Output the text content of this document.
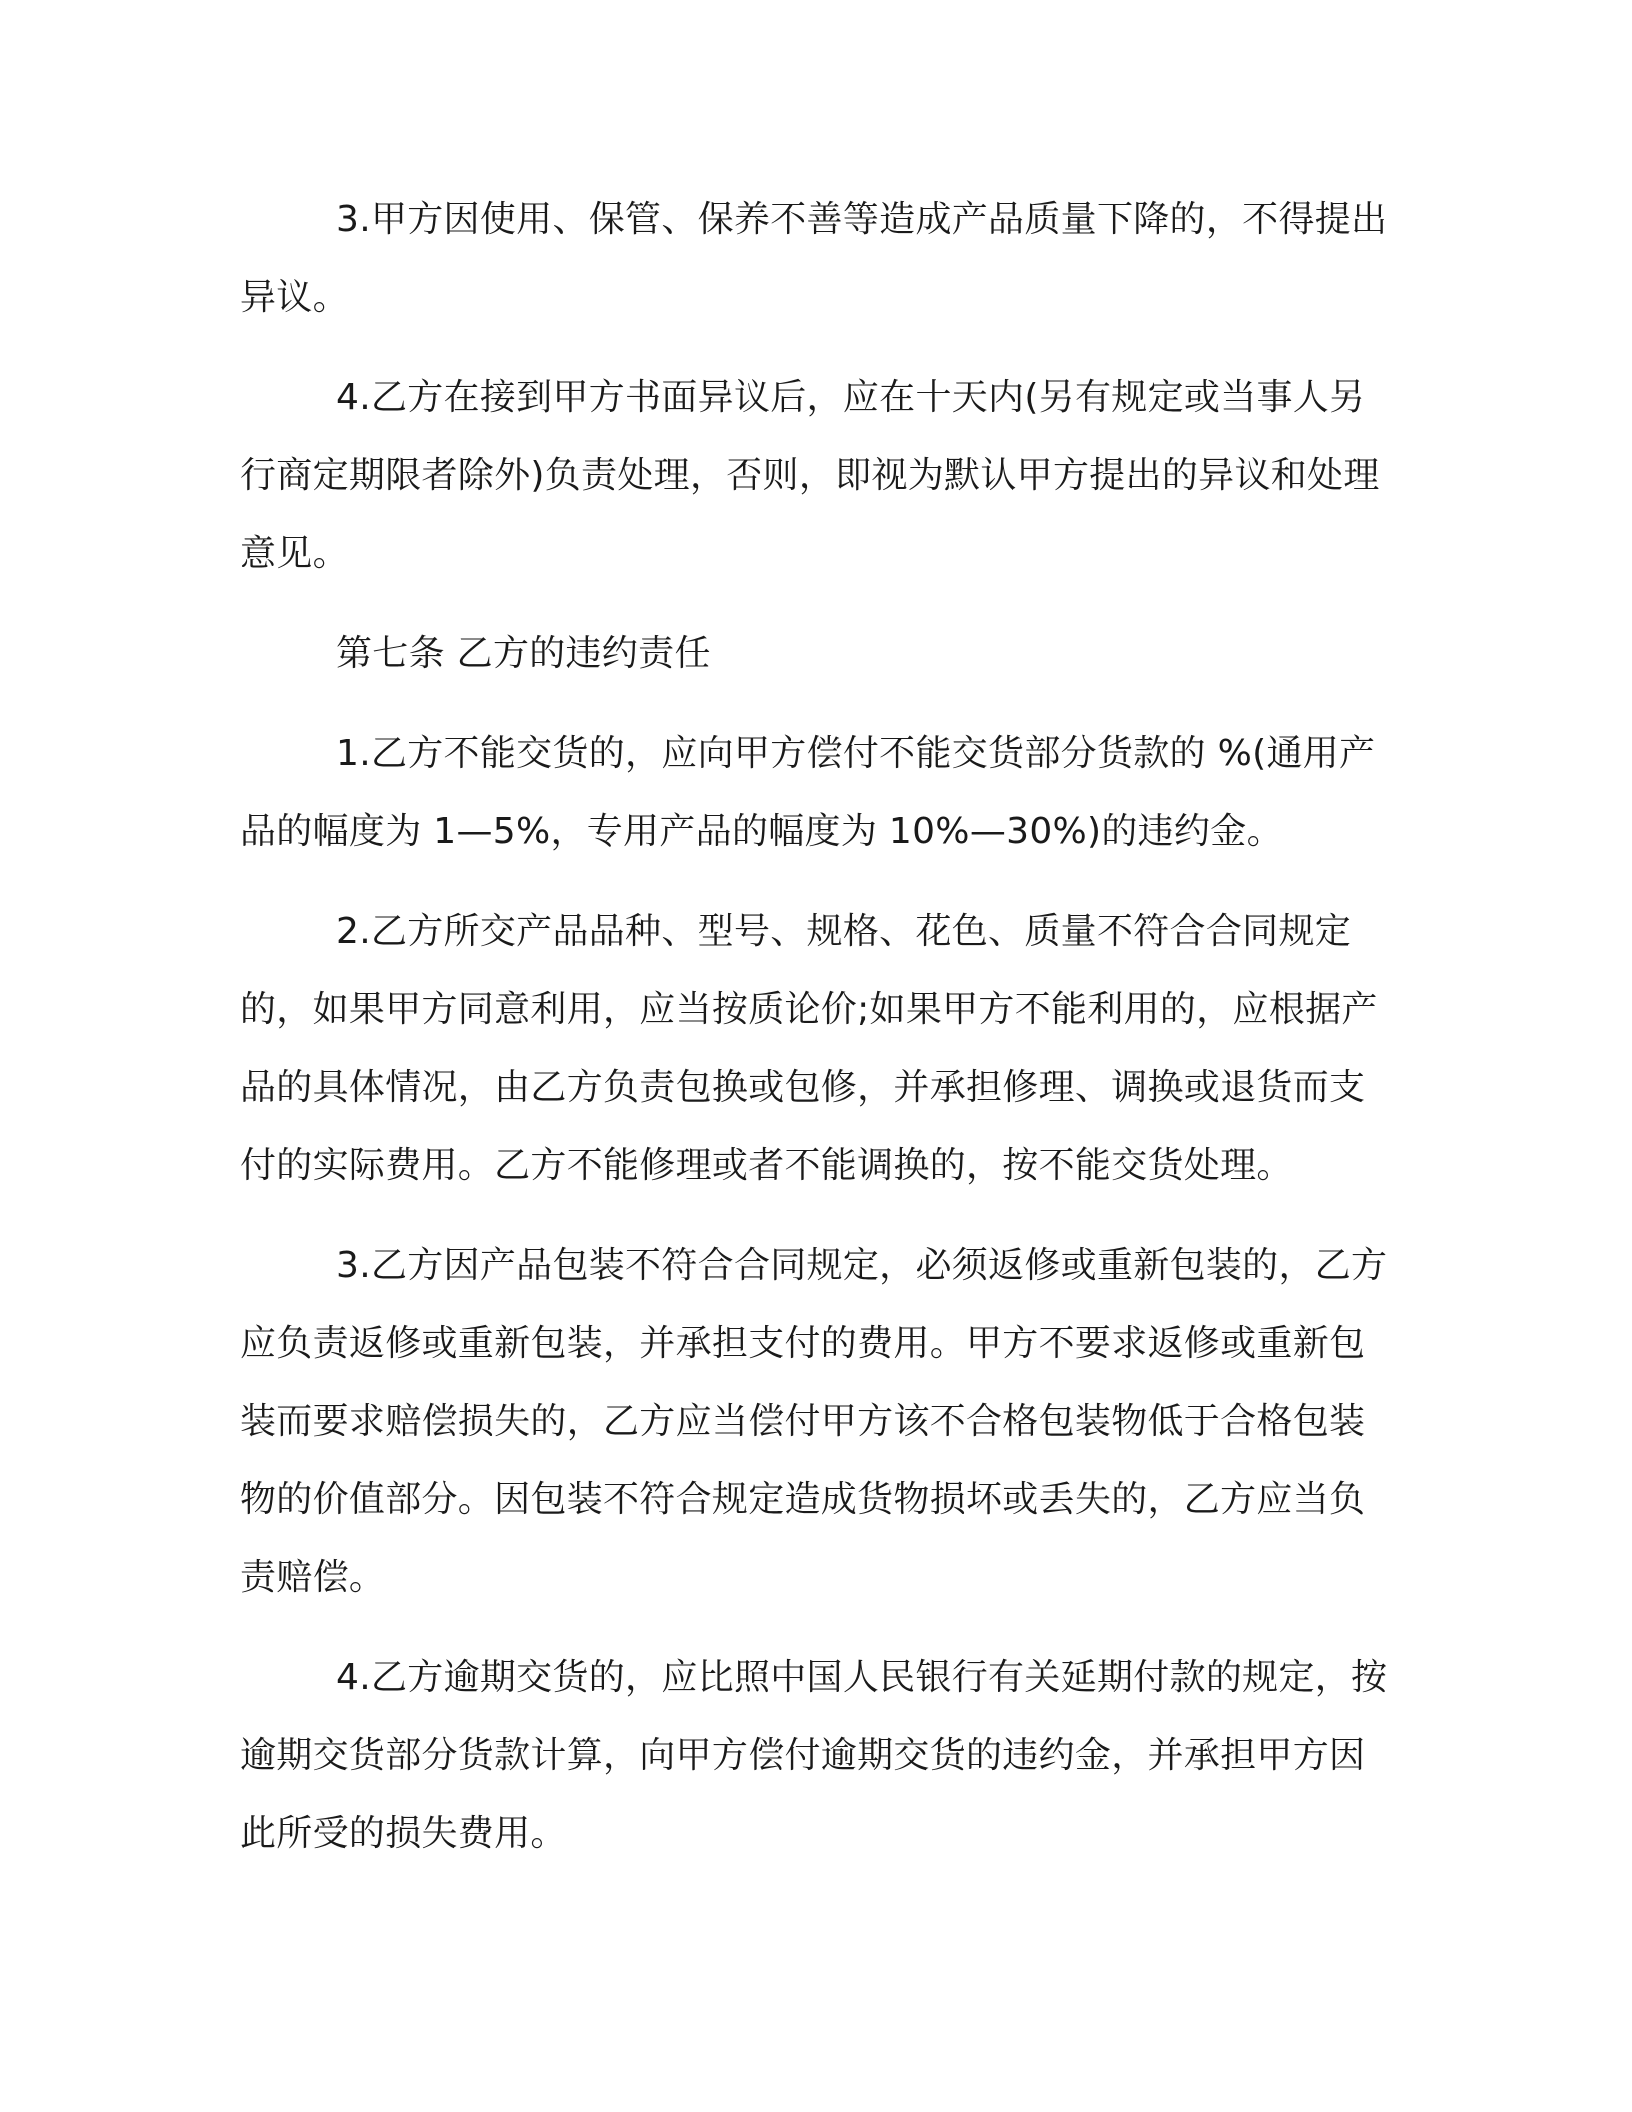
3.甲方因使用、保管、保养不善等造成产品质量下降的，不得提出异议。

4.乙方在接到甲方书面异议后，应在十天内(另有规定或当事人另行商定期限者除外)负责处理，否则，即视为默认甲方提出的异议和处理意见。

第七条 乙方的违约责任

1.乙方不能交货的，应向甲方偿付不能交货部分货款的 %(通用产品的幅度为 1—5%，专用产品的幅度为 10%—30%)的违约金。

2.乙方所交产品品种、型号、规格、花色、质量不符合合同规定的，如果甲方同意利用，应当按质论价;如果甲方不能利用的，应根据产品的具体情况，由乙方负责包换或包修，并承担修理、调换或退货而支付的实际费用。乙方不能修理或者不能调换的，按不能交货处理。

3.乙方因产品包装不符合合同规定，必须返修或重新包装的，乙方应负责返修或重新包装，并承担支付的费用。甲方不要求返修或重新包装而要求赔偿损失的，乙方应当偿付甲方该不合格包装物低于合格包装物的价值部分。因包装不符合规定造成货物损坏或丢失的，乙方应当负责赔偿。

4.乙方逾期交货的，应比照中国人民银行有关延期付款的规定，按逾期交货部分货款计算，向甲方偿付逾期交货的违约金，并承担甲方因此所受的损失费用。
